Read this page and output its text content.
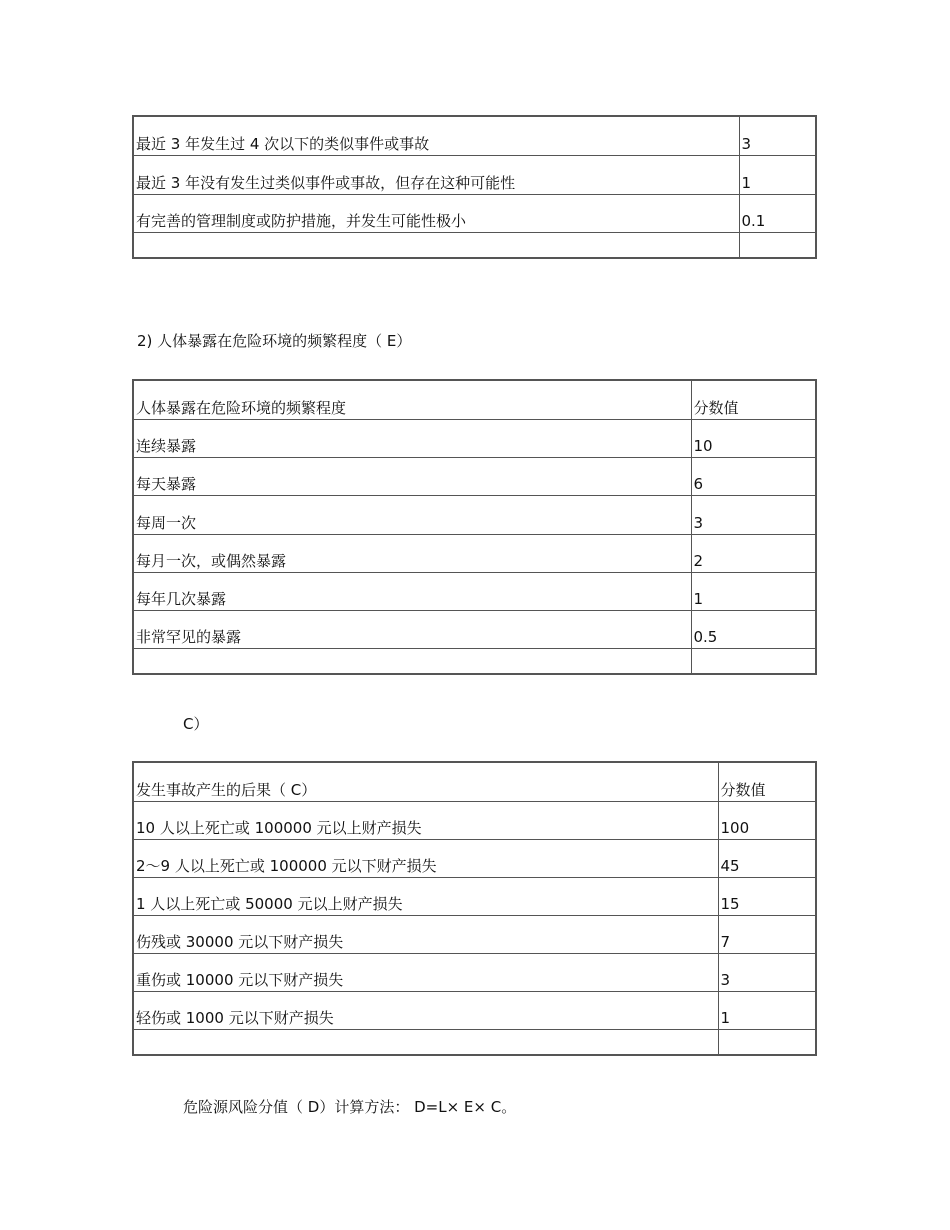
最近 3 年发生过 4 次以下的类似事件或事故	3
最近 3 年没有发生过类似事件或事故，但存在这种可能性	1
有完善的管理制度或防护措施，并发生可能性极小	0.1

2) 人体暴露在危险环境的频繁程度（ E）
人体暴露在危险环境的频繁程度	分数值
连续暴露	10
每天暴露	6
每周一次	3
每月一次，或偶然暴露	2
每年几次暴露	1
非常罕见的暴露	0.5

C）
发生事故产生的后果（ C）	分数值
10 人以上死亡或 100000 元以上财产损失	100
2～9 人以上死亡或 100000 元以下财产损失	45
1 人以上死亡或 50000 元以上财产损失	15
伤残或 30000 元以下财产损失	7
重伤或 10000 元以下财产损失	3
轻伤或 1000 元以下财产损失	1

危险源风险分值（ D）计算方法： D=L× E× C。
